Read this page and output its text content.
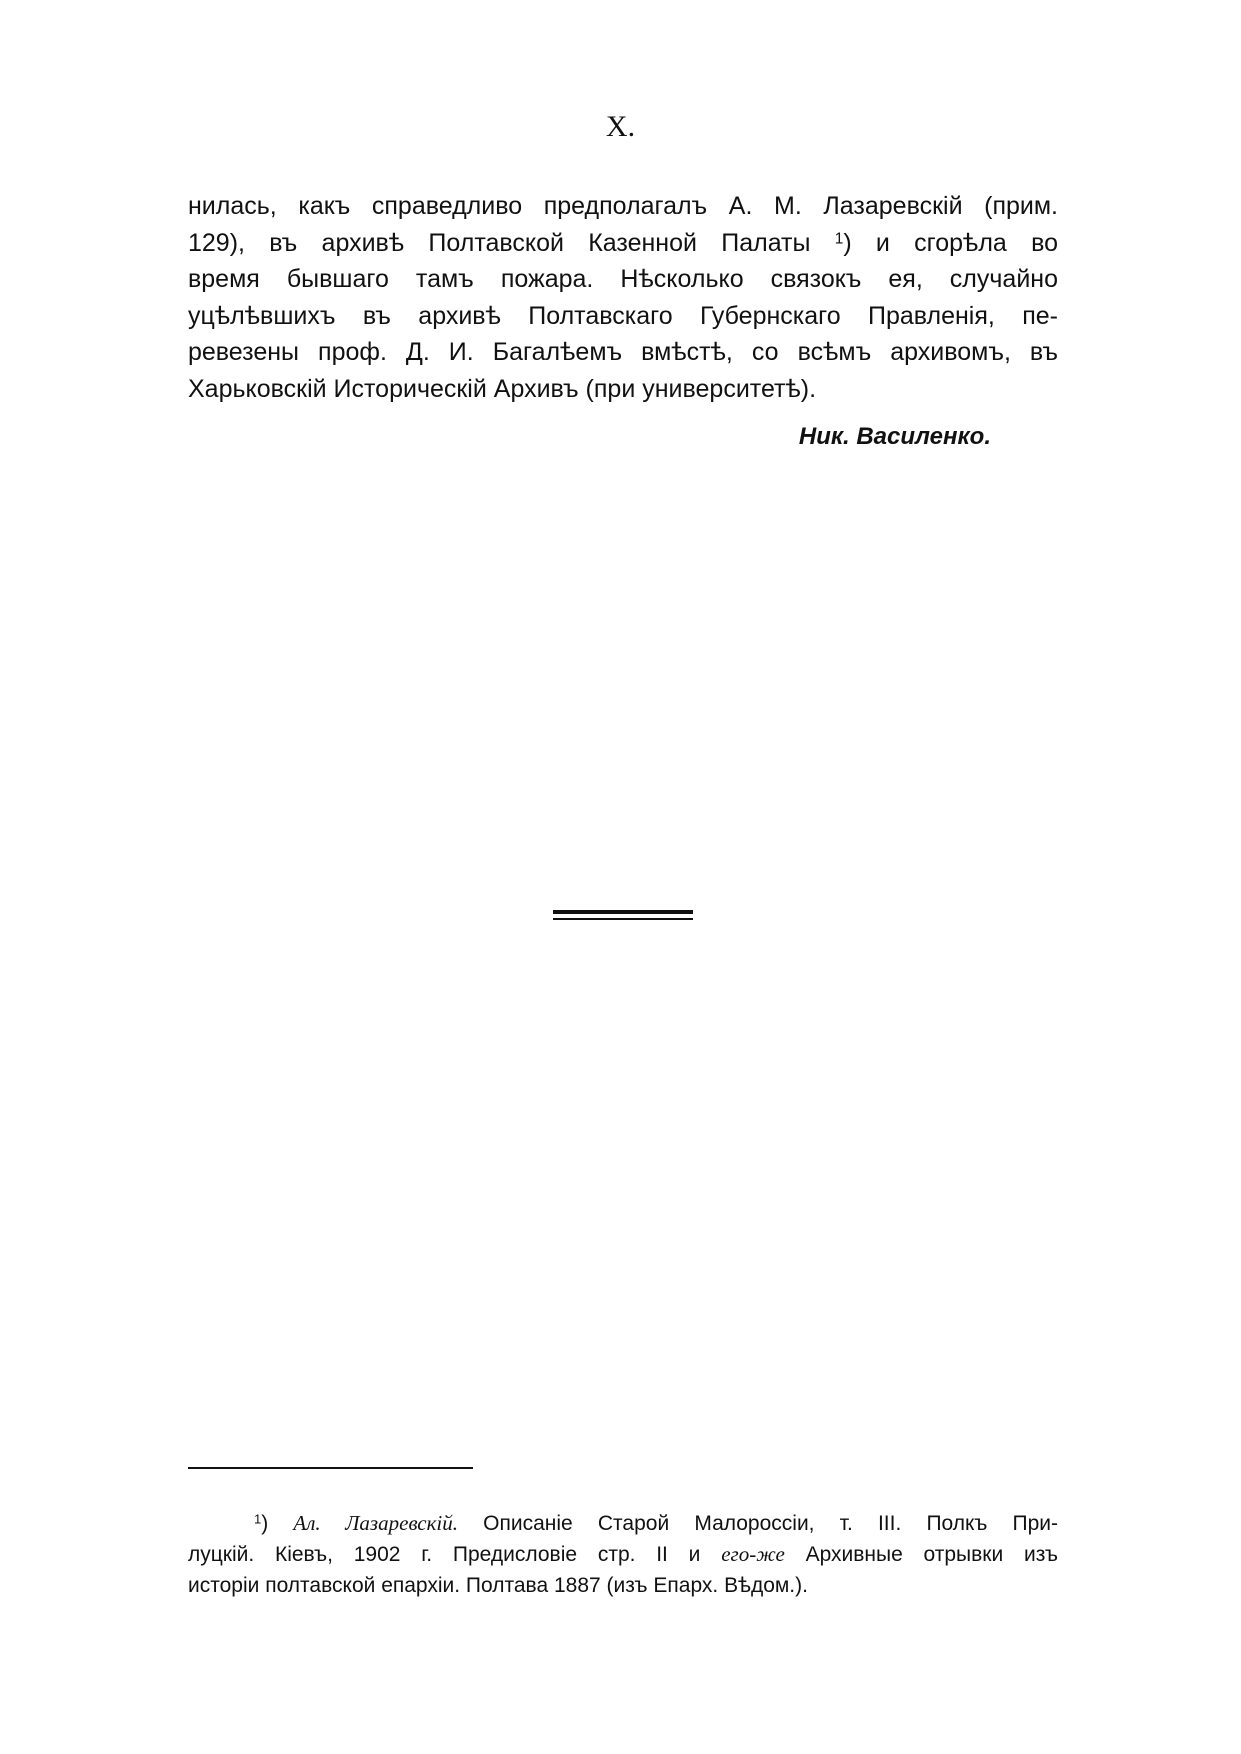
X.
нилась, какъ справедливо предполагалъ А. М. Лазаревскій (прим.
129), въ архивѣ Полтавской Казенной Палаты $^1$) и сгорѣла во
время бывшаго тамъ пожара. Нѣсколько связокъ ея, случайно
уцѣлѣвшихъ въ архивѣ Полтавскаго Губернскаго Правленія, пе-
ревезены проф. Д. И. Багалѣемъ вмѣстѣ, со всѣмъ архивомъ, въ
Харьковскій Историческій Архивъ (при университетѣ).
Ник. Василенко.
$^1$) Ал. Лазаревскій. Описаніе Старой Малороссіи, т. III. Полкъ При-
луцкій. Кіевъ, 1902 г. Предисловіе стр. II и его-же Архивные отрывки изъ
исторіи полтавской епархіи. Полтава 1887 (изъ Епарх. Вѣдом.).
